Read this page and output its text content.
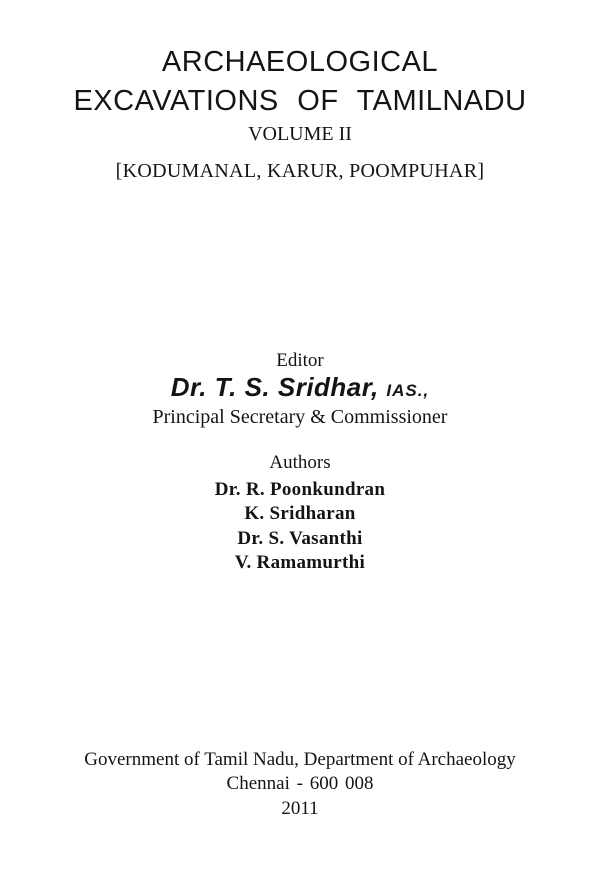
ARCHAEOLOGICAL
EXCAVATIONS OF TAMILNADU
VOLUME II
[KODUMANAL, KARUR, POOMPUHAR]
Editor
Dr. T. S. Sridhar, IAS.,
Principal Secretary & Commissioner
Authors
Dr. R. Poonkundran
K. Sridharan
Dr. S. Vasanthi
V. Ramamurthi
Government of Tamil Nadu, Department of Archaeology
Chennai - 600 008
2011
